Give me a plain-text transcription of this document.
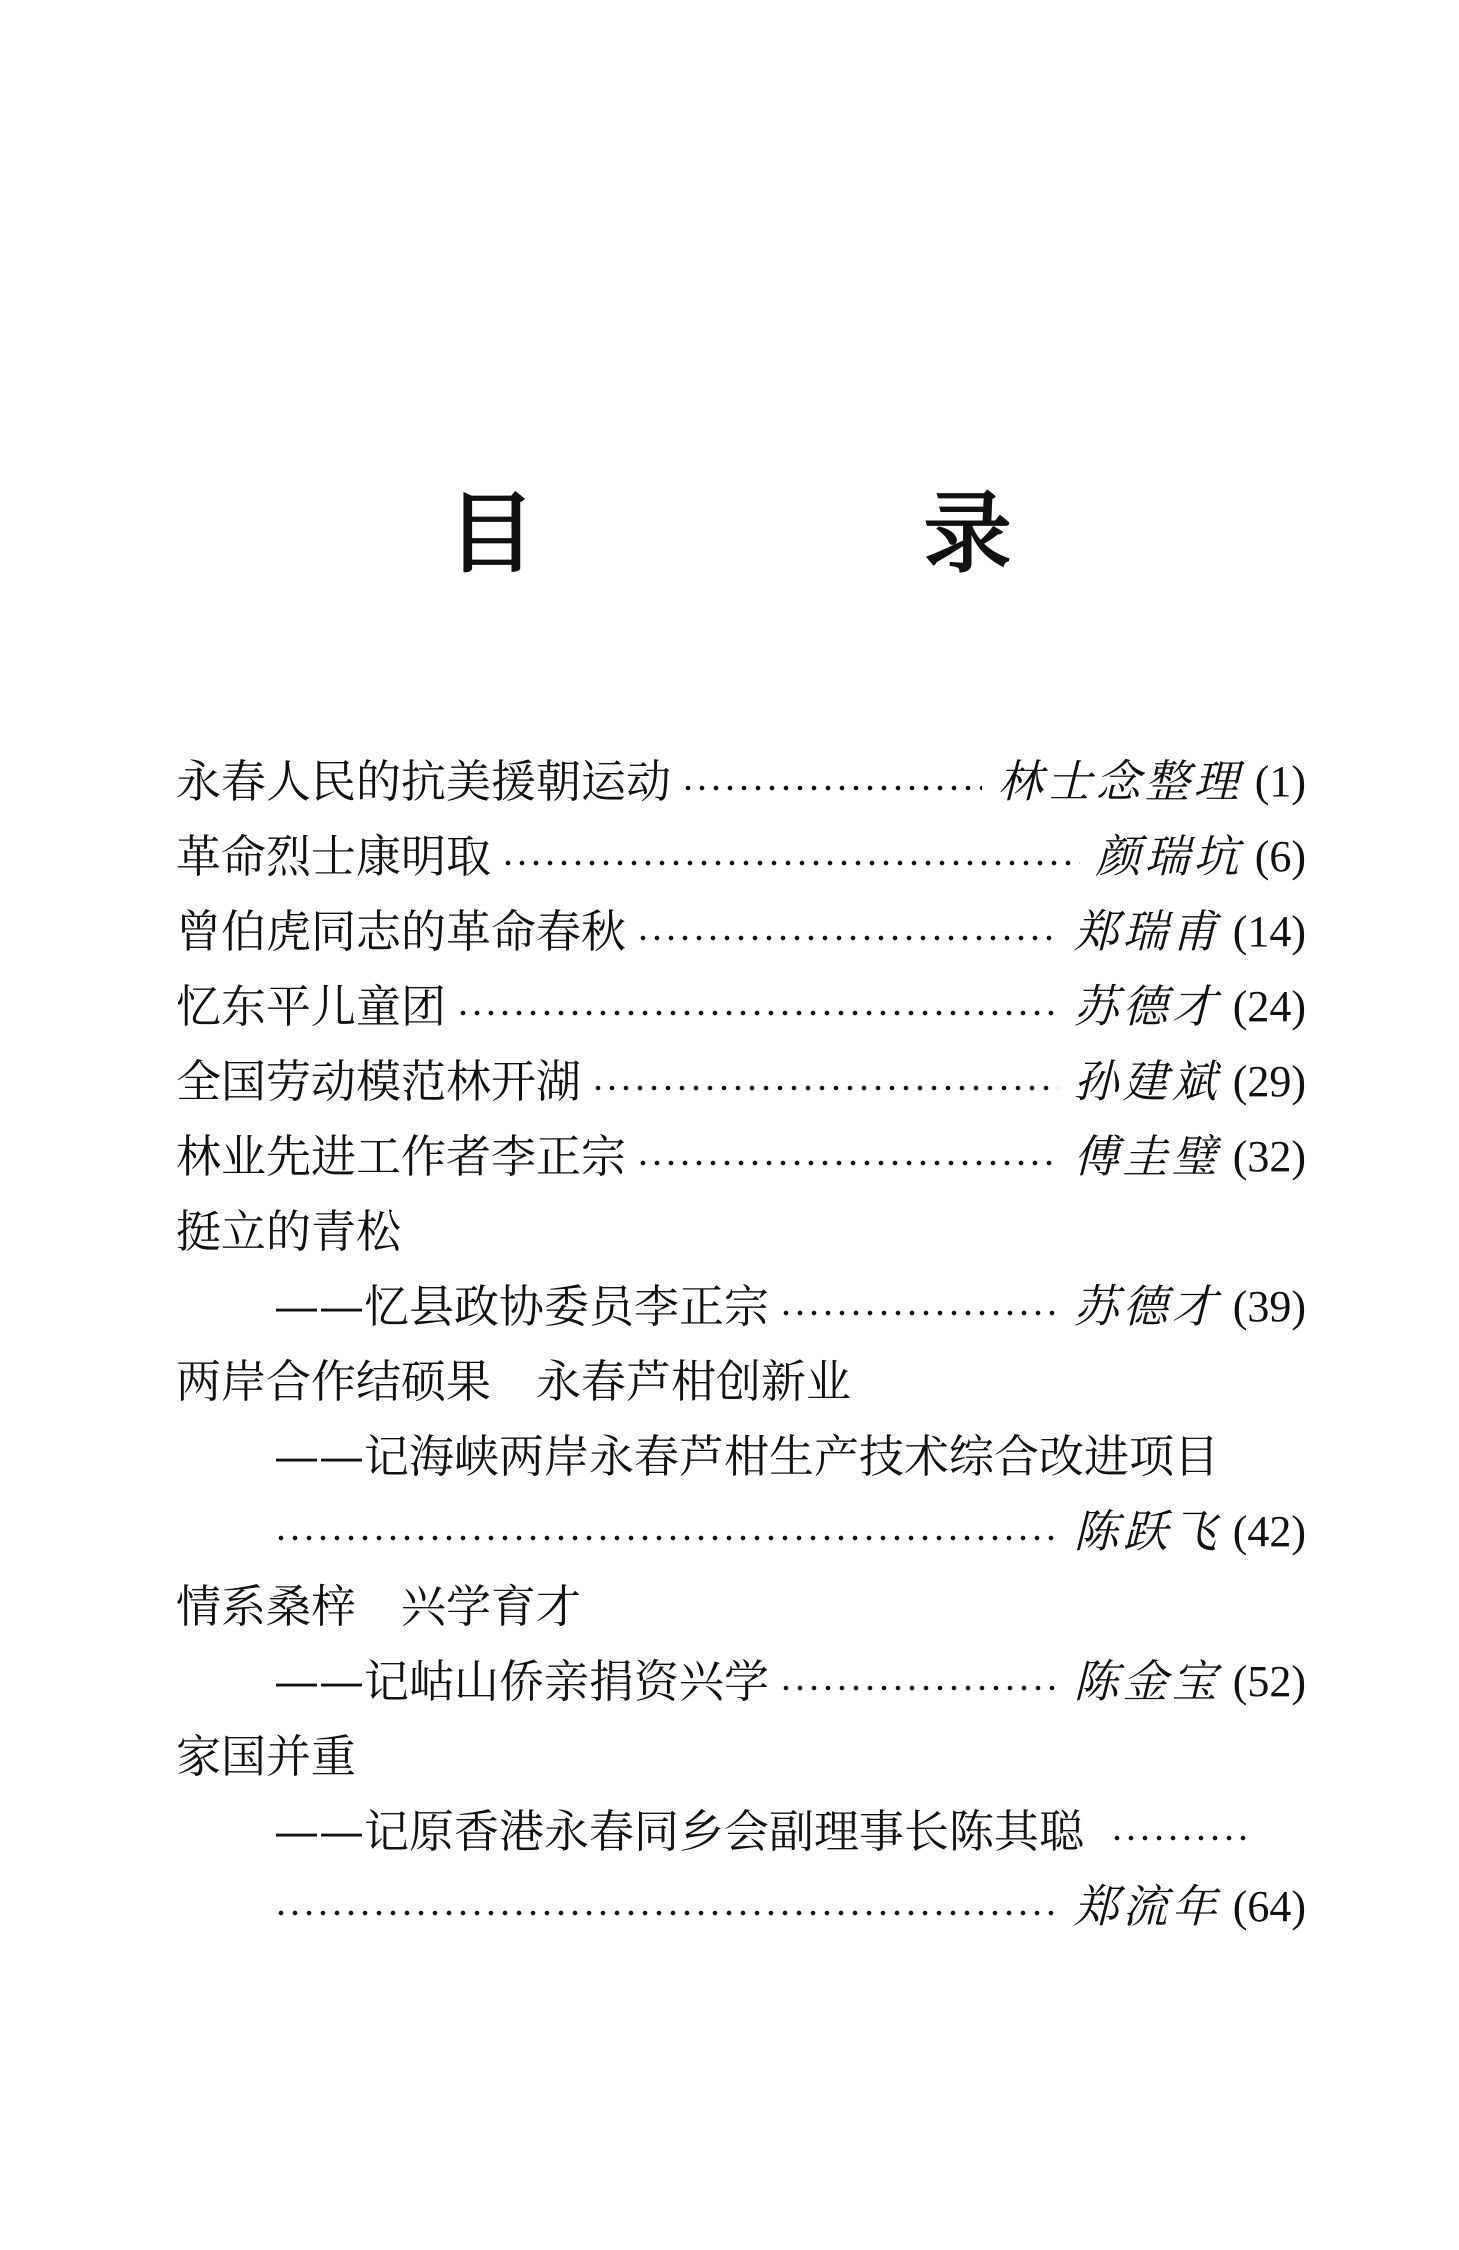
目　录
永春人民的抗美援朝运动	林士念整理 (1)
革命烈士康明取	颜瑞坑 (6)
曾伯虎同志的革命春秋	郑瑞甫 (14)
忆东平儿童团	苏德才 (24)
全国劳动模范林开湖	孙建斌 (29)
林业先进工作者李正宗	傅圭璧 (32)
挺立的青松
——忆县政协委员李正宗	苏德才 (39)
两岸合作结硕果　永春芦柑创新业
——记海峡两岸永春芦柑生产技术综合改进项目
陈跃飞 (42)
情系桑梓　兴学育才
——记岵山侨亲捐资兴学	陈金宝 (52)
家国并重
——记原香港永春同乡会副理事长陈其聪
郑流年 (64)
